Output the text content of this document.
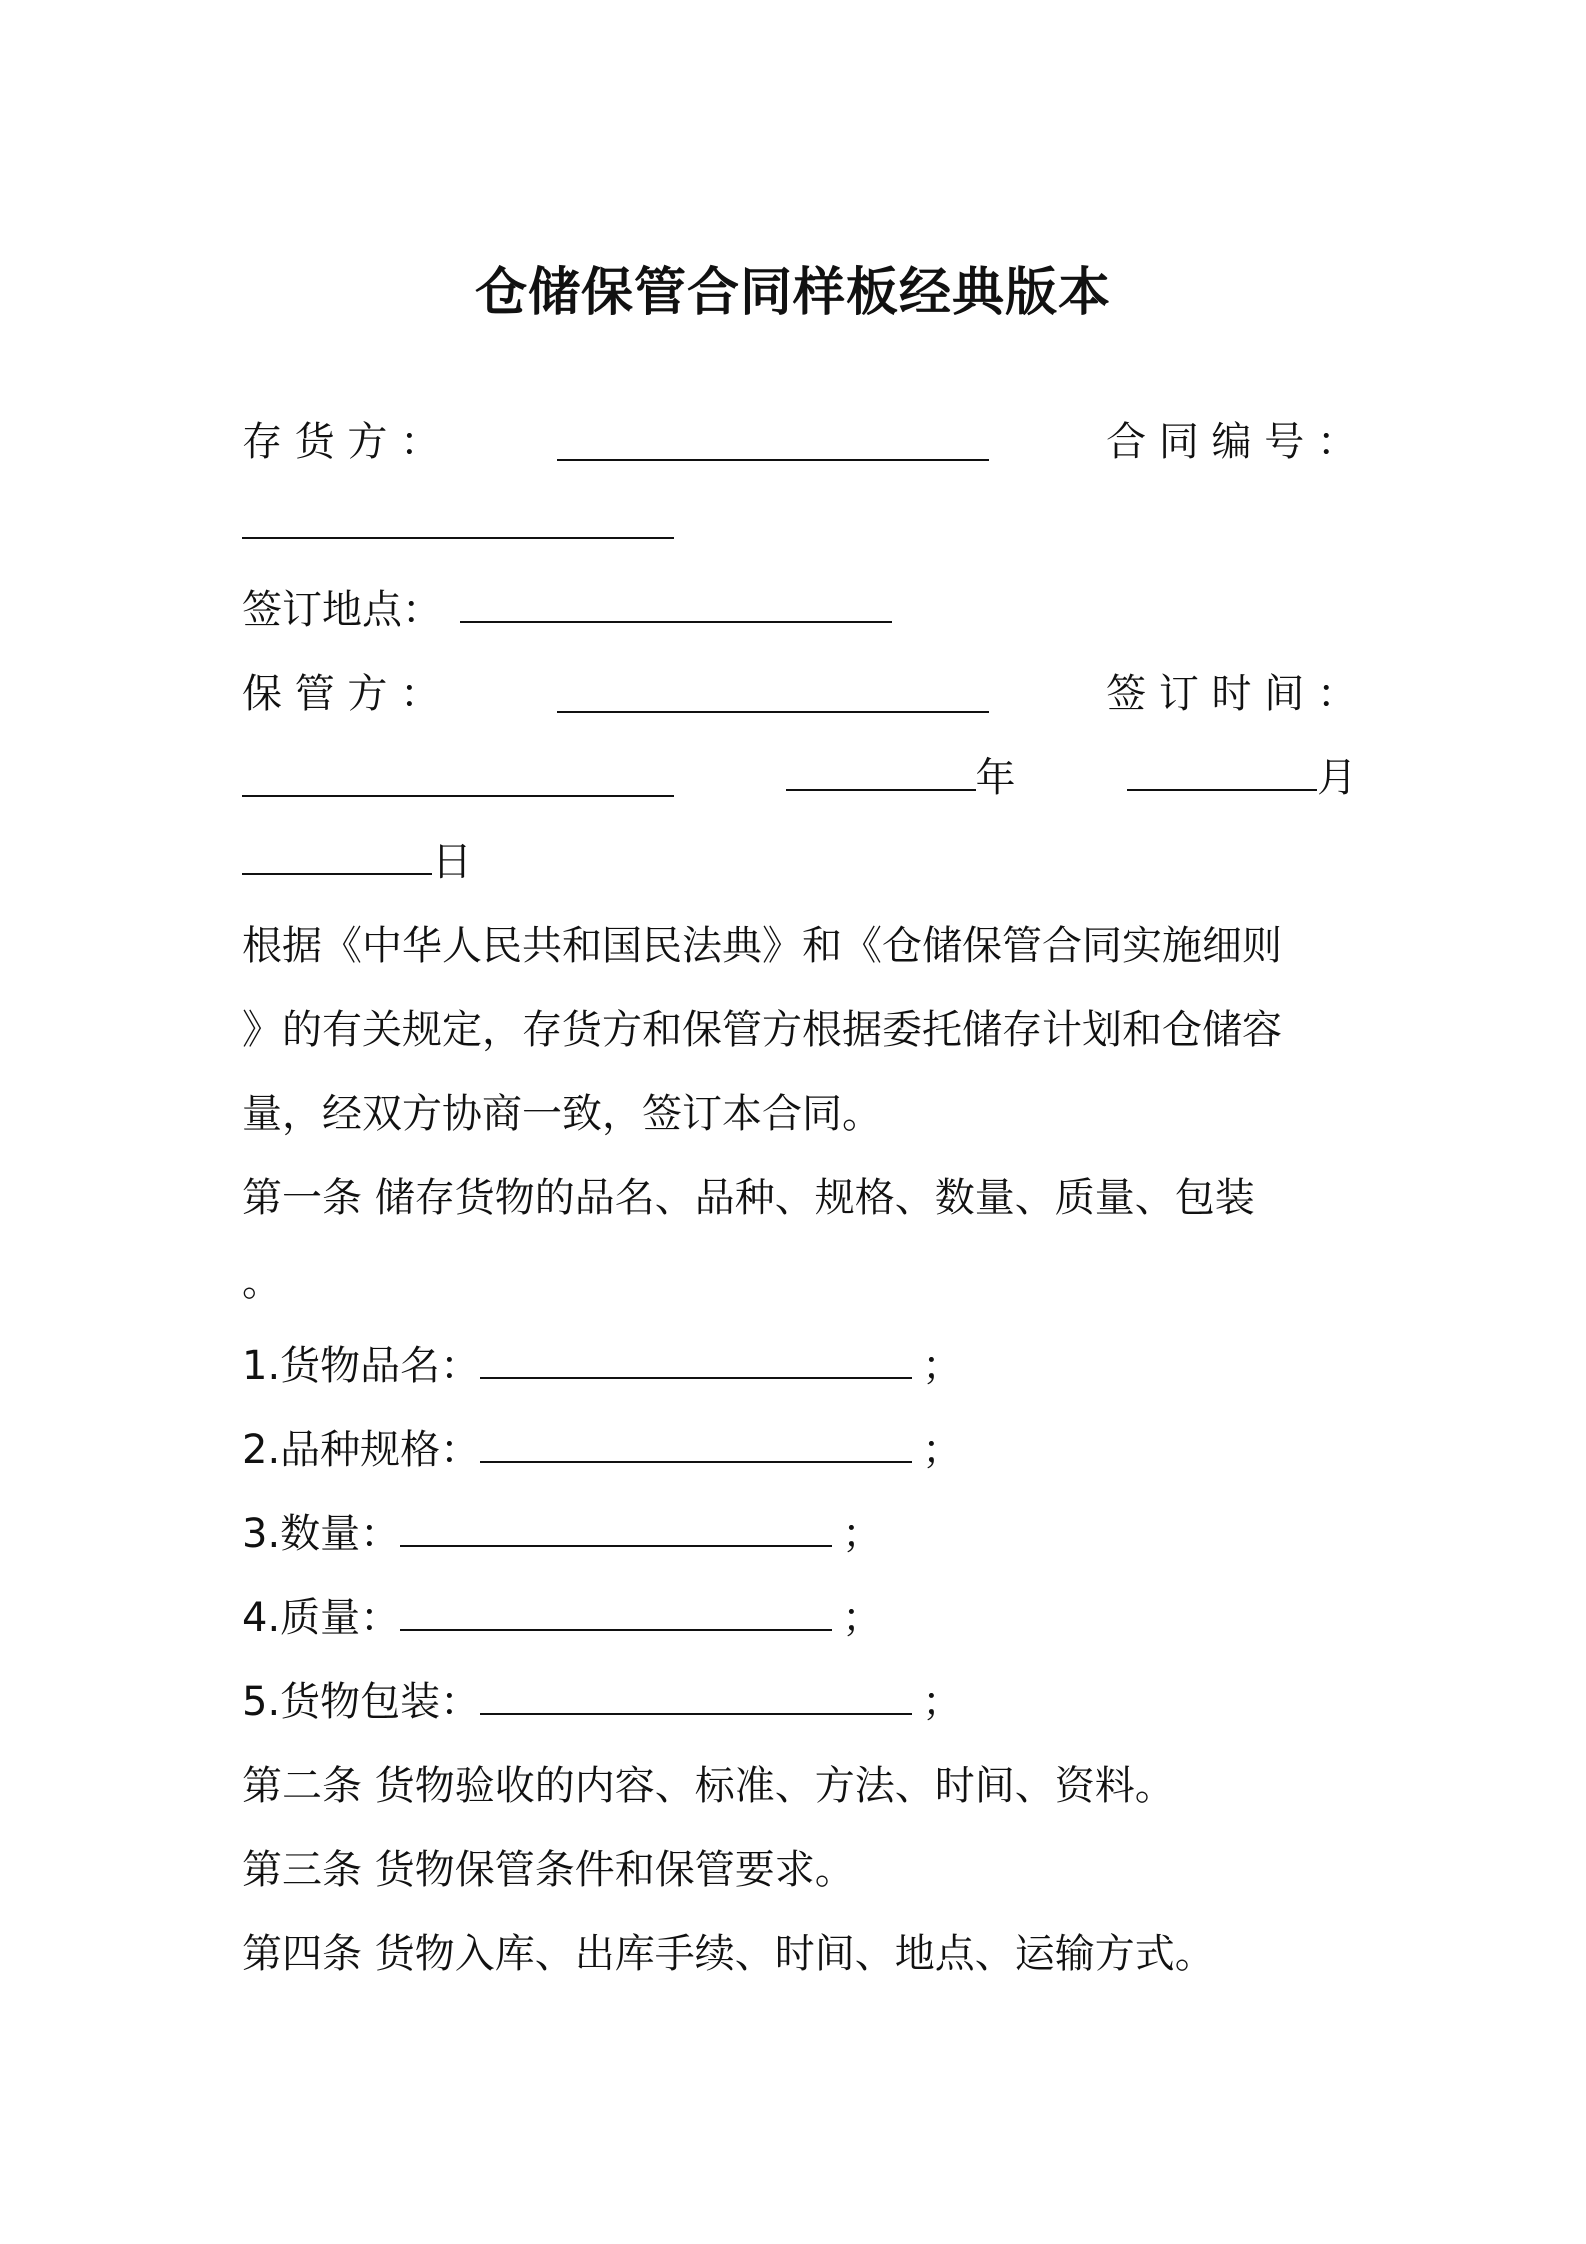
仓储保管合同样板经典版本
存 货 方 ：	合 同 编 号 ：
签订地点：
保 管 方 ：	签 订 时 间 ：
年	月
日
根据《中华人民共和国民法典》和《仓储保管合同实施细则
》的有关规定，存货方和保管方根据委托储存计划和仓储容
量，经双方协商一致，签订本合同。
第一条 储存货物的品名、品种、规格、数量、质量、包装
。
1.货物品名：	；
2.品种规格：	；
3.数量：	；
4.质量：	；
5.货物包装：	；
第二条 货物验收的内容、标准、方法、时间、资料。
第三条 货物保管条件和保管要求。
第四条 货物入库、出库手续、时间、地点、运输方式。
